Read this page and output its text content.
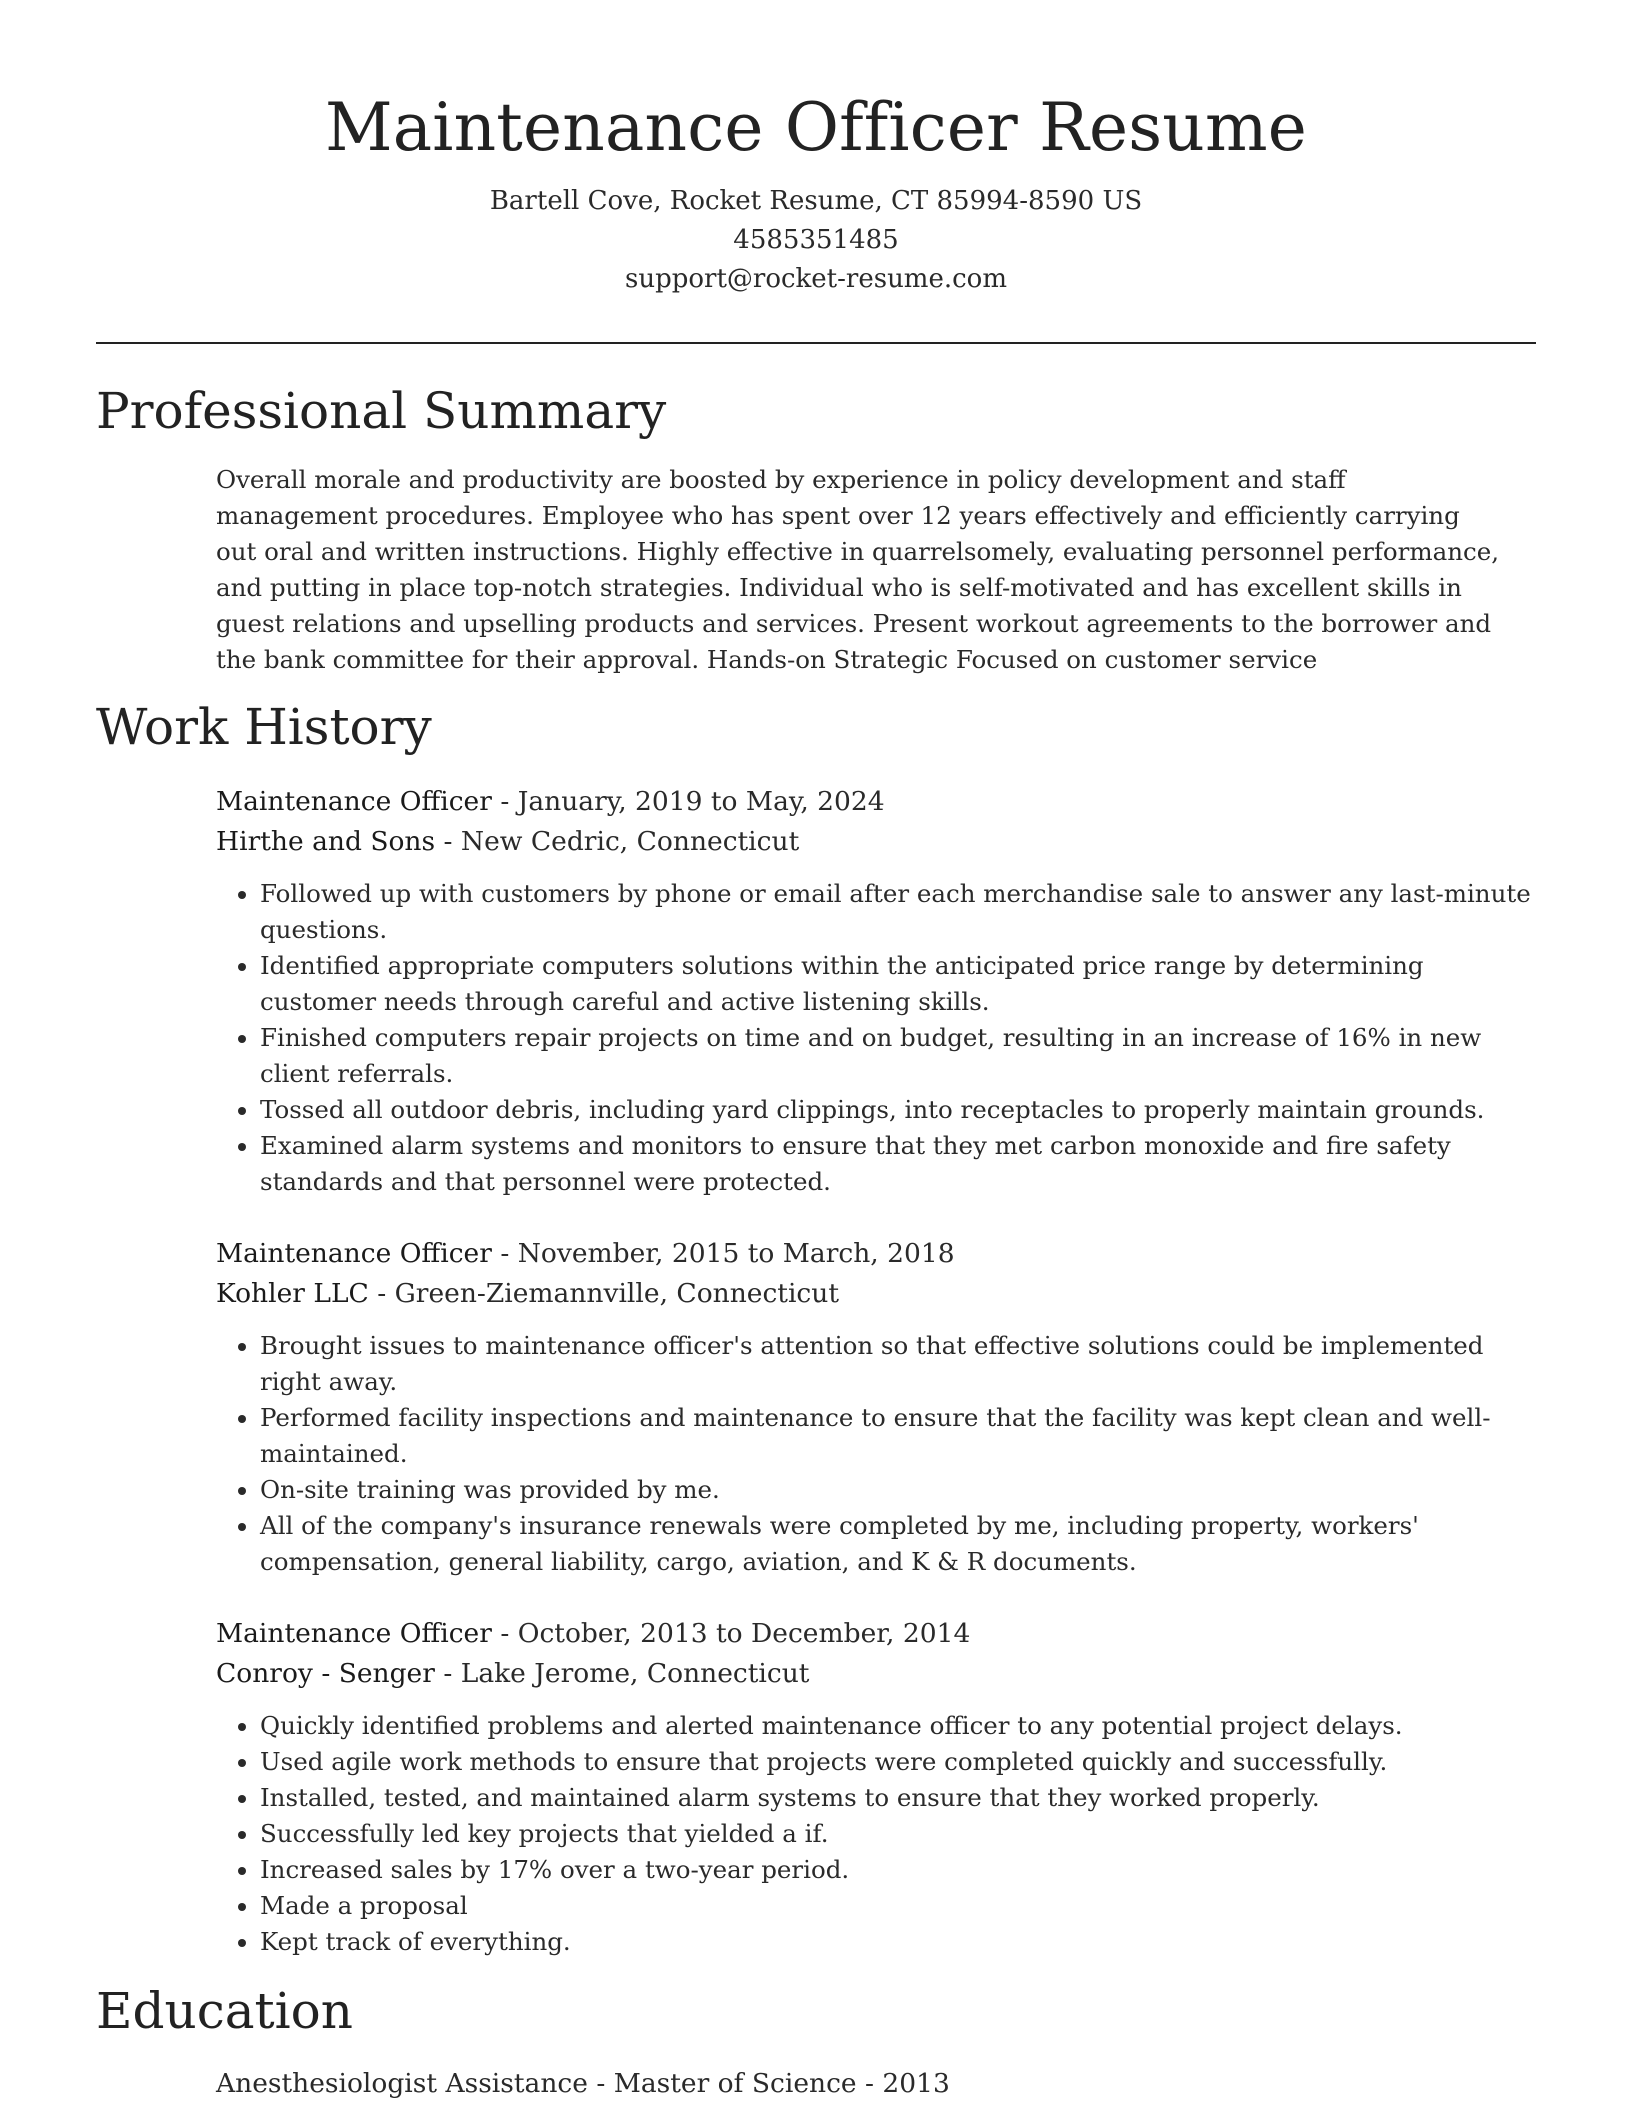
Maintenance Officer Resume
Bartell Cove, Rocket Resume, CT 85994-8590 US
4585351485
support@rocket-resume.com
Professional Summary
Overall morale and productivity are boosted by experience in policy development and staff management procedures. Employee who has spent over 12 years effectively and efficiently carrying out oral and written instructions. Highly effective in quarrelsomely, evaluating personnel performance, and putting in place top-notch strategies. Individual who is self-motivated and has excellent skills in guest relations and upselling products and services. Present workout agreements to the borrower and the bank committee for their approval. Hands-on Strategic Focused on customer service
Work History
Maintenance Officer - January, 2019 to May, 2024
Hirthe and Sons - New Cedric, Connecticut
• Followed up with customers by phone or email after each merchandise sale to answer any last-minute questions.
• Identified appropriate computers solutions within the anticipated price range by determining customer needs through careful and active listening skills.
• Finished computers repair projects on time and on budget, resulting in an increase of 16% in new client referrals.
• Tossed all outdoor debris, including yard clippings, into receptacles to properly maintain grounds.
• Examined alarm systems and monitors to ensure that they met carbon monoxide and fire safety standards and that personnel were protected.
Maintenance Officer - November, 2015 to March, 2018
Kohler LLC - Green-Ziemannville, Connecticut
• Brought issues to maintenance officer's attention so that effective solutions could be implemented right away.
• Performed facility inspections and maintenance to ensure that the facility was kept clean and well-maintained.
• On-site training was provided by me.
• All of the company's insurance renewals were completed by me, including property, workers' compensation, general liability, cargo, aviation, and K & R documents.
Maintenance Officer - October, 2013 to December, 2014
Conroy - Senger - Lake Jerome, Connecticut
• Quickly identified problems and alerted maintenance officer to any potential project delays.
• Used agile work methods to ensure that projects were completed quickly and successfully.
• Installed, tested, and maintained alarm systems to ensure that they worked properly.
• Successfully led key projects that yielded a if.
• Increased sales by 17% over a two-year period.
• Made a proposal
• Kept track of everything.
Education
Anesthesiologist Assistance - Master of Science - 2013
